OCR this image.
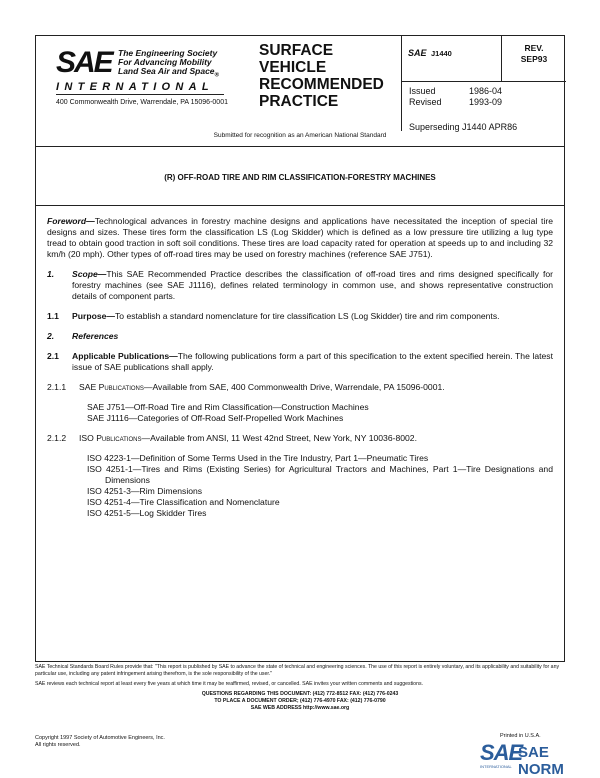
SAE The Engineering Society
For Advancing Mobility
Land Sea Air and Space$_®$
INTERNATIONAL
400 Commonwealth Drive, Warrendale, PA 15096-0001
SURFACE
VEHICLE
RECOMMENDED
PRACTICE
SAE J1440
REV.
SEP93
Issued	1986-04
Revised	1993-09
Superseding J1440 APR86
Submitted for recognition as an American National Standard
(R) OFF-ROAD TIRE AND RIM CLASSIFICATION-FORESTRY MACHINES

Foreword—Technological advances in forestry machine designs and applications have necessitated the inception of special tire designs and sizes. These tires form the classification LS (Log Skidder) which is defined as a low pressure tire utilizing a lug type tread to obtain good traction in soft soil conditions. These tires are load capacity rated for operation at speeds up to and including 32 km/h (20 mph). Other types of off-road tires may be used on forestry machines (reference SAE J751).

1.	Scope—This SAE Recommended Practice describes the classification of off-road tires and rims designed specifically for forestry machines (see SAE J1116), defines related terminology in common use, and shows representative construction details of component parts.
1.1	Purpose—To establish a standard nomenclature for tire classification LS (Log Skidder) tire and rim components.
2.	References
2.1	Applicable Publications—The following publications form a part of this specification to the extent specified herein. The latest issue of SAE publications shall apply.
2.1.1	SAE Publications—Available from SAE, 400 Commonwealth Drive, Warrendale, PA 15096-0001.
SAE J751—Off-Road Tire and Rim Classification—Construction Machines
SAE J1116—Categories of Off-Road Self-Propelled Work Machines
2.1.2	ISO Publications—Available from ANSI, 11 West 42nd Street, New York, NY 10036-8002.
ISO 4223-1—Definition of Some Terms Used in the Tire Industry, Part 1—Pneumatic Tires
ISO 4251-1—Tires and Rims (Existing Series) for Agricultural Tractors and Machines, Part 1—Tire Designations and Dimensions
ISO 4251-3—Rim Dimensions
ISO 4251-4—Tire Classification and Nomenclature
ISO 4251-5—Log Skidder Tires
SAE Technical Standards Board Rules provide that: "This report is published by SAE to advance the state of technical and engineering sciences. The use of this report is entirely voluntary, and its applicability and suitability for any particular use, including any patent infringement arising therefrom, is the sole responsibility of the user."
SAE reviews each technical report at least every five years at which time it may be reaffirmed, revised, or cancelled. SAE invites your written comments and suggestions.
QUESTIONS REGARDING THIS DOCUMENT: (412) 772-8512 FAX: (412) 776-0243
TO PLACE A DOCUMENT ORDER; (412) 776-4970 FAX: (412) 776-0790
SAE WEB ADDRESS http://www.sae.org
Copyright 1997 Society of Automotive Engineers, Inc.
All rights reserved.
Printed in U.S.A.
SAE
SAE NORM
INTERNATIONAL
